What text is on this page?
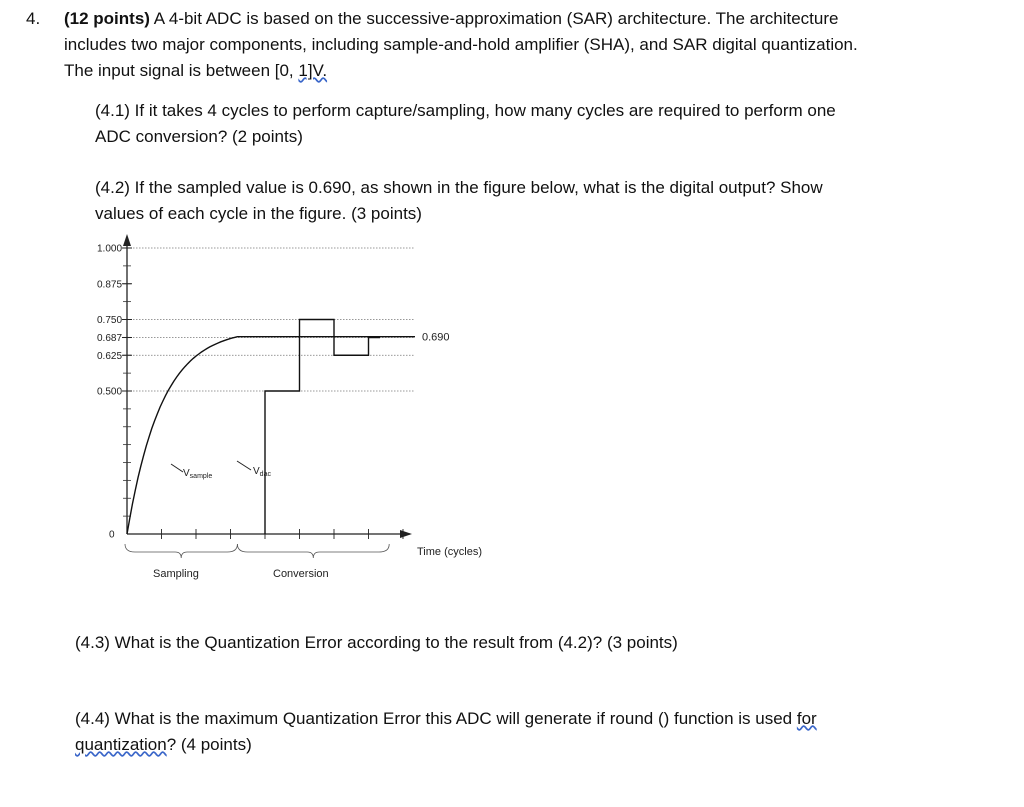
4. (12 points) A 4-bit ADC is based on the successive-approximation (SAR) architecture. The architecture
includes two major components, including sample-and-hold amplifier (SHA), and SAR digital quantization.
The input signal is between [0, 1]V.
(4.1) If it takes 4 cycles to perform capture/sampling, how many cycles are required to perform one
ADC conversion? (2 points)
(4.2) If the sampled value is 0.690, as shown in the figure below, what is the digital output? Show
values of each cycle in the figure. (3 points)
1.000
0.875
0.750
0.687
0.625
0.500
0
0.690
$V_{sample}$	$V_{dac}$
Time (cycles)
Sampling	Conversion
(4.3) What is the Quantization Error according to the result from (4.2)? (3 points)
(4.4) What is the maximum Quantization Error this ADC will generate if round () function is used for
quantization? (4 points)
